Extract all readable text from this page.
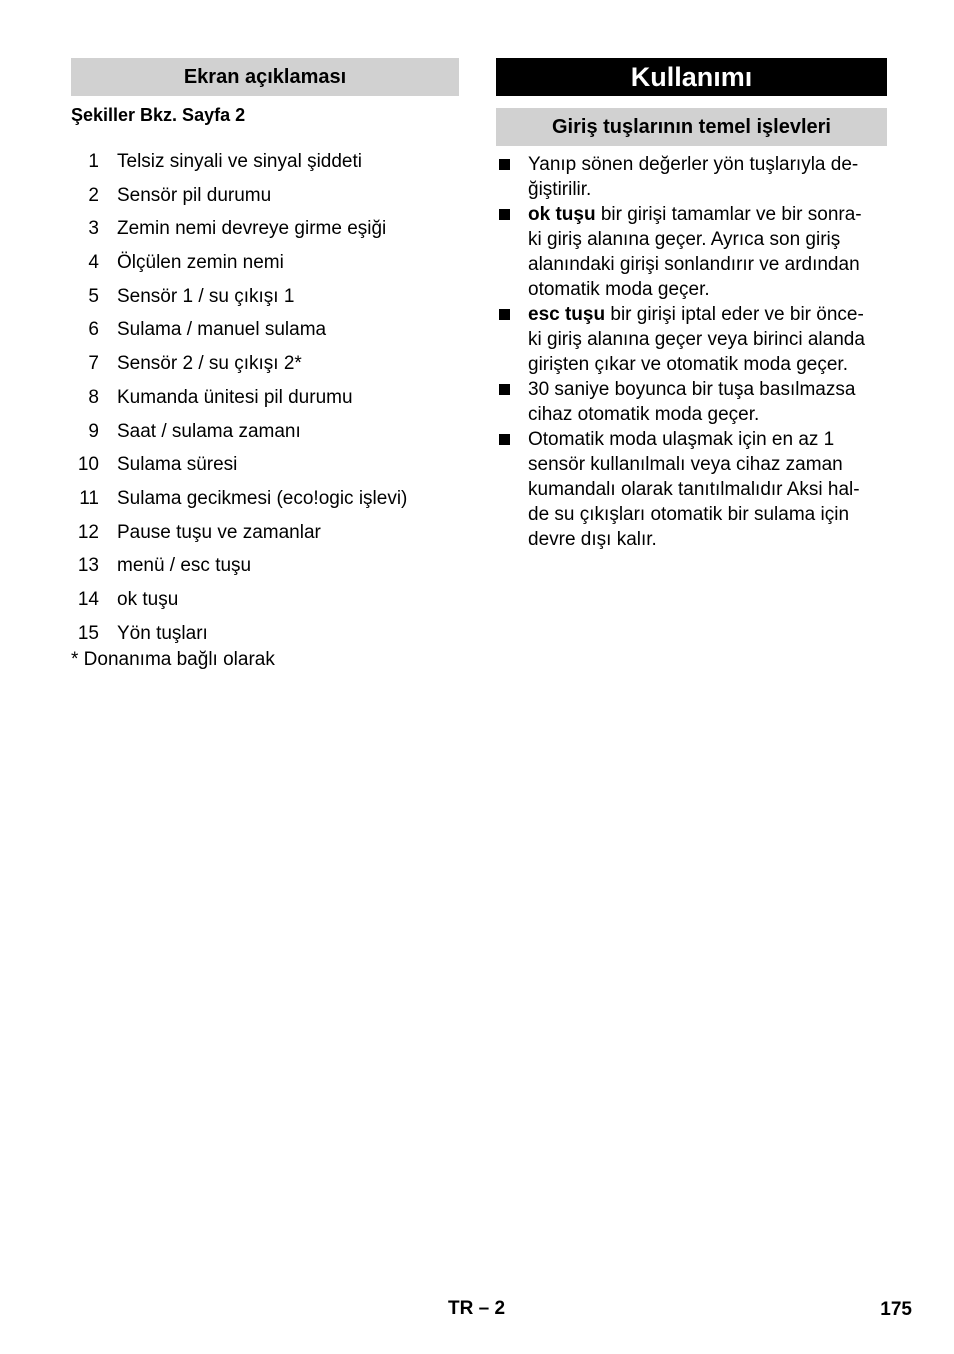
Ekran açıklaması
Şekiller Bkz. Sayfa 2
1 Telsiz sinyali ve sinyal şiddeti
2 Sensör pil durumu
3 Zemin nemi devreye girme eşiği
4 Ölçülen zemin nemi
5 Sensör 1 / su çıkışı 1
6 Sulama / manuel sulama
7 Sensör 2 / su çıkışı 2*
8 Kumanda ünitesi pil durumu
9 Saat / sulama zamanı
10 Sulama süresi
11 Sulama gecikmesi (eco!ogic işlevi)
12 Pause tuşu ve zamanlar
13 menü / esc tuşu
14 ok tuşu
15 Yön tuşları
* Donanıma bağlı olarak
Kullanımı
Giriş tuşlarının temel işlevleri
Yanıp sönen değerler yön tuşlarıyla de-
ğiştirilir.
ok tuşu bir girişi tamamlar ve bir sonra-
ki giriş alanına geçer. Ayrıca son giriş
alanındaki girişi sonlandırır ve ardından
otomatik moda geçer.
esc tuşu bir girişi iptal eder ve bir önce-
ki giriş alanına geçer veya birinci alanda
girişten çıkar ve otomatik moda geçer.
30 saniye boyunca bir tuşa basılmazsa
cihaz otomatik moda geçer.
Otomatik moda ulaşmak için en az 1
sensör kullanılmalı veya cihaz zaman
kumandalı olarak tanıtılmalıdır Aksi hal-
de su çıkışları otomatik bir sulama için
devre dışı kalır.
TR – 2	175
